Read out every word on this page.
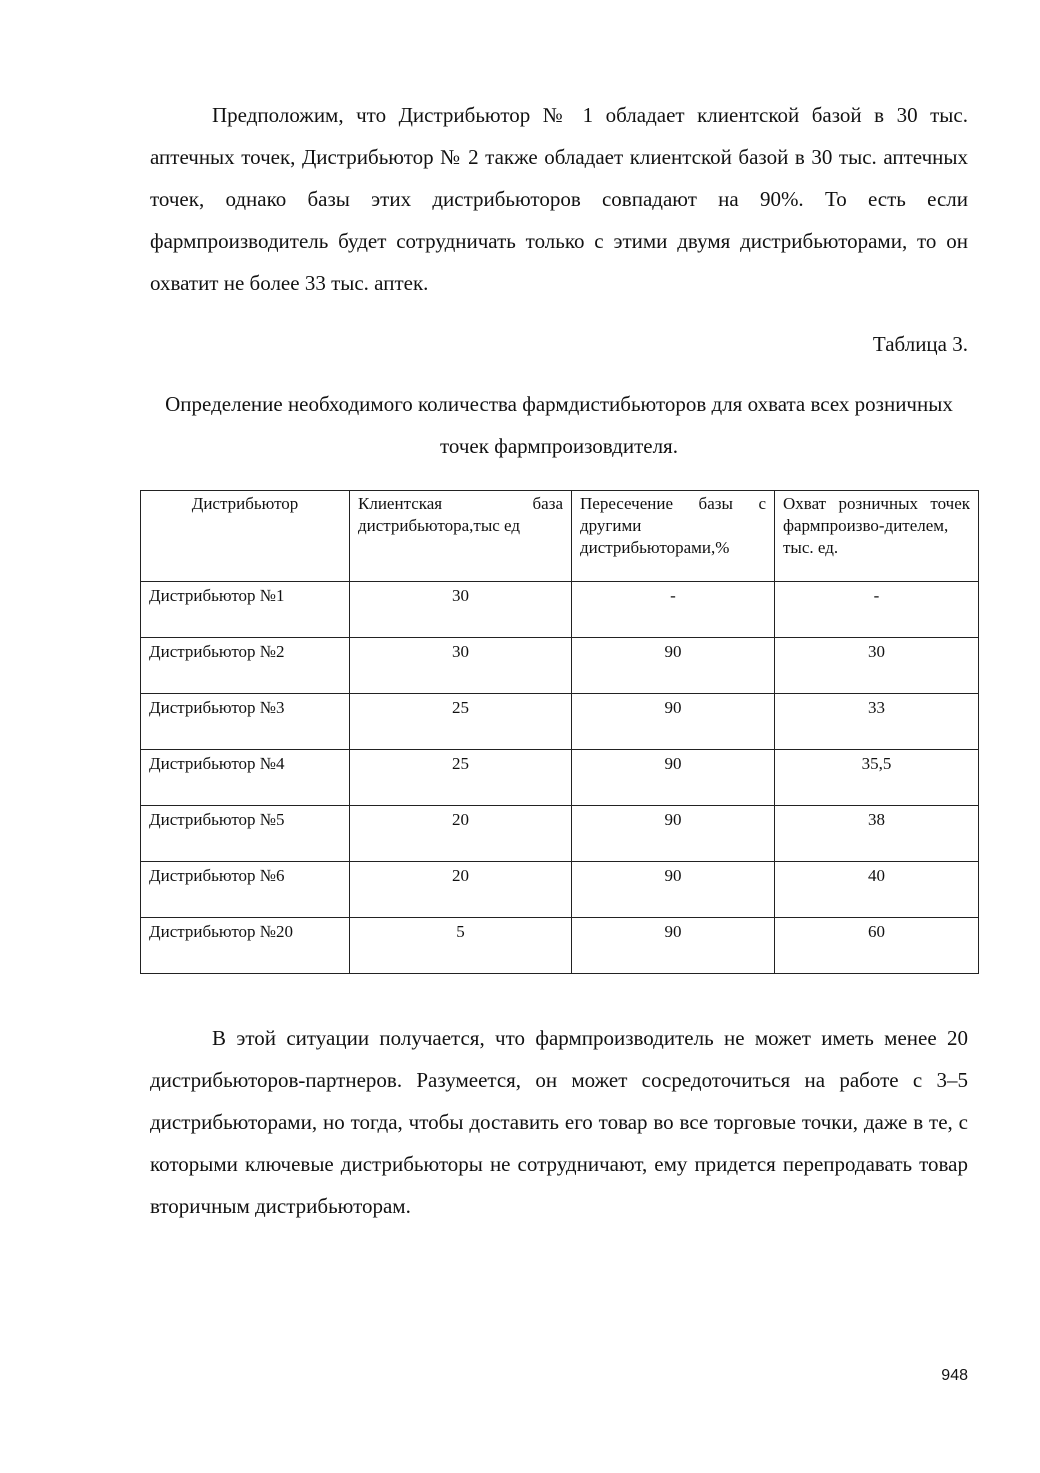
Предположим, что Дистрибьютор № 1 обладает клиентской базой в 30 тыс. аптечных точек, Дистрибьютор № 2 также обладает клиентской базой в 30 тыс. аптечных точек, однако базы этих дистрибьюторов совпадают на 90%. То есть если фармпроизводитель будет сотрудничать только с этими двумя дистрибьюторами, то он охватит не более 33 тыс. аптек.

Таблица 3.

Определение необходимого количества фармдистибьюторов для охвата всех розничных точек фармпроизовдителя.

Дистрибьютор	Клиентская база дистрибьютора,тыс ед	Пересечение базы с другими дистрибьюторами,%	Охват розничных точек фармпроизво-дителем, тыс. ед.
Дистрибьютор №1	30	-	-
Дистрибьютор №2	30	90	30
Дистрибьютор №3	25	90	33
Дистрибьютор №4	25	90	35,5
Дистрибьютор №5	20	90	38
Дистрибьютор №6	20	90	40
Дистрибьютор №20	5	90	60

В этой ситуации получается, что фармпроизводитель не может иметь менее 20 дистрибьюторов-партнеров. Разумеется, он может сосредоточиться на работе с 3–5 дистрибьюторами, но тогда, чтобы доставить его товар во все торговые точки, даже в те, с которыми ключевые дистрибьюторы не сотрудничают, ему придется перепродавать товар вторичным дистрибьюторам.

948
